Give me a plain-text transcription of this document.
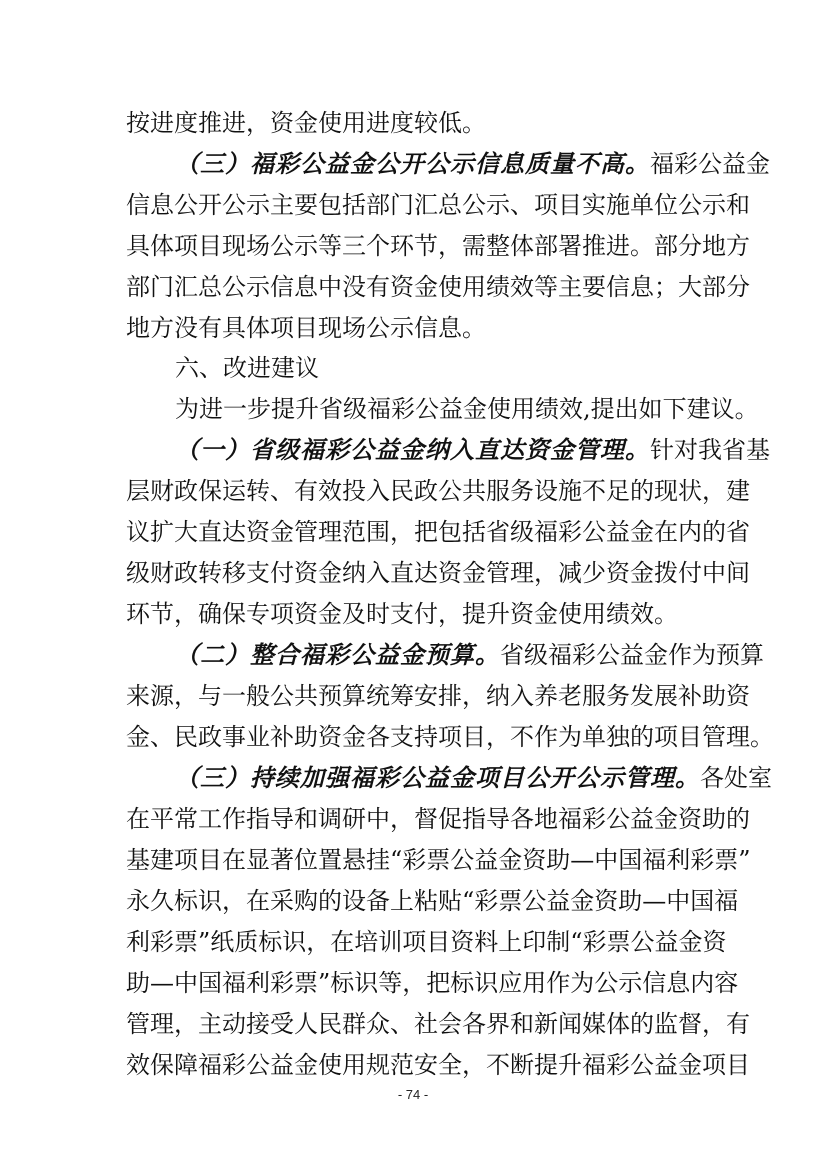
按进度推进，资金使用进度较低。
（三）福彩公益金公开公示信息质量不高。福彩公益金
信息公开公示主要包括部门汇总公示、项目实施单位公示和
具体项目现场公示等三个环节，需整体部署推进。部分地方
部门汇总公示信息中没有资金使用绩效等主要信息；大部分
地方没有具体项目现场公示信息。
六、改进建议
为进一步提升省级福彩公益金使用绩效,提出如下建议。
（一）省级福彩公益金纳入直达资金管理。针对我省基
层财政保运转、有效投入民政公共服务设施不足的现状，建
议扩大直达资金管理范围，把包括省级福彩公益金在内的省
级财政转移支付资金纳入直达资金管理，减少资金拨付中间
环节，确保专项资金及时支付，提升资金使用绩效。
（二）整合福彩公益金预算。省级福彩公益金作为预算
来源，与一般公共预算统筹安排，纳入养老服务发展补助资
金、民政事业补助资金各支持项目，不作为单独的项目管理。
（三）持续加强福彩公益金项目公开公示管理。各处室
在平常工作指导和调研中，督促指导各地福彩公益金资助的
基建项目在显著位置悬挂“彩票公益金资助—中国福利彩票”
永久标识，在采购的设备上粘贴“彩票公益金资助—中国福
利彩票”纸质标识，在培训项目资料上印制“彩票公益金资
助—中国福利彩票”标识等，把标识应用作为公示信息内容
管理，主动接受人民群众、社会各界和新闻媒体的监督，有
效保障福彩公益金使用规范安全，不断提升福彩公益金项目
- 74 -
